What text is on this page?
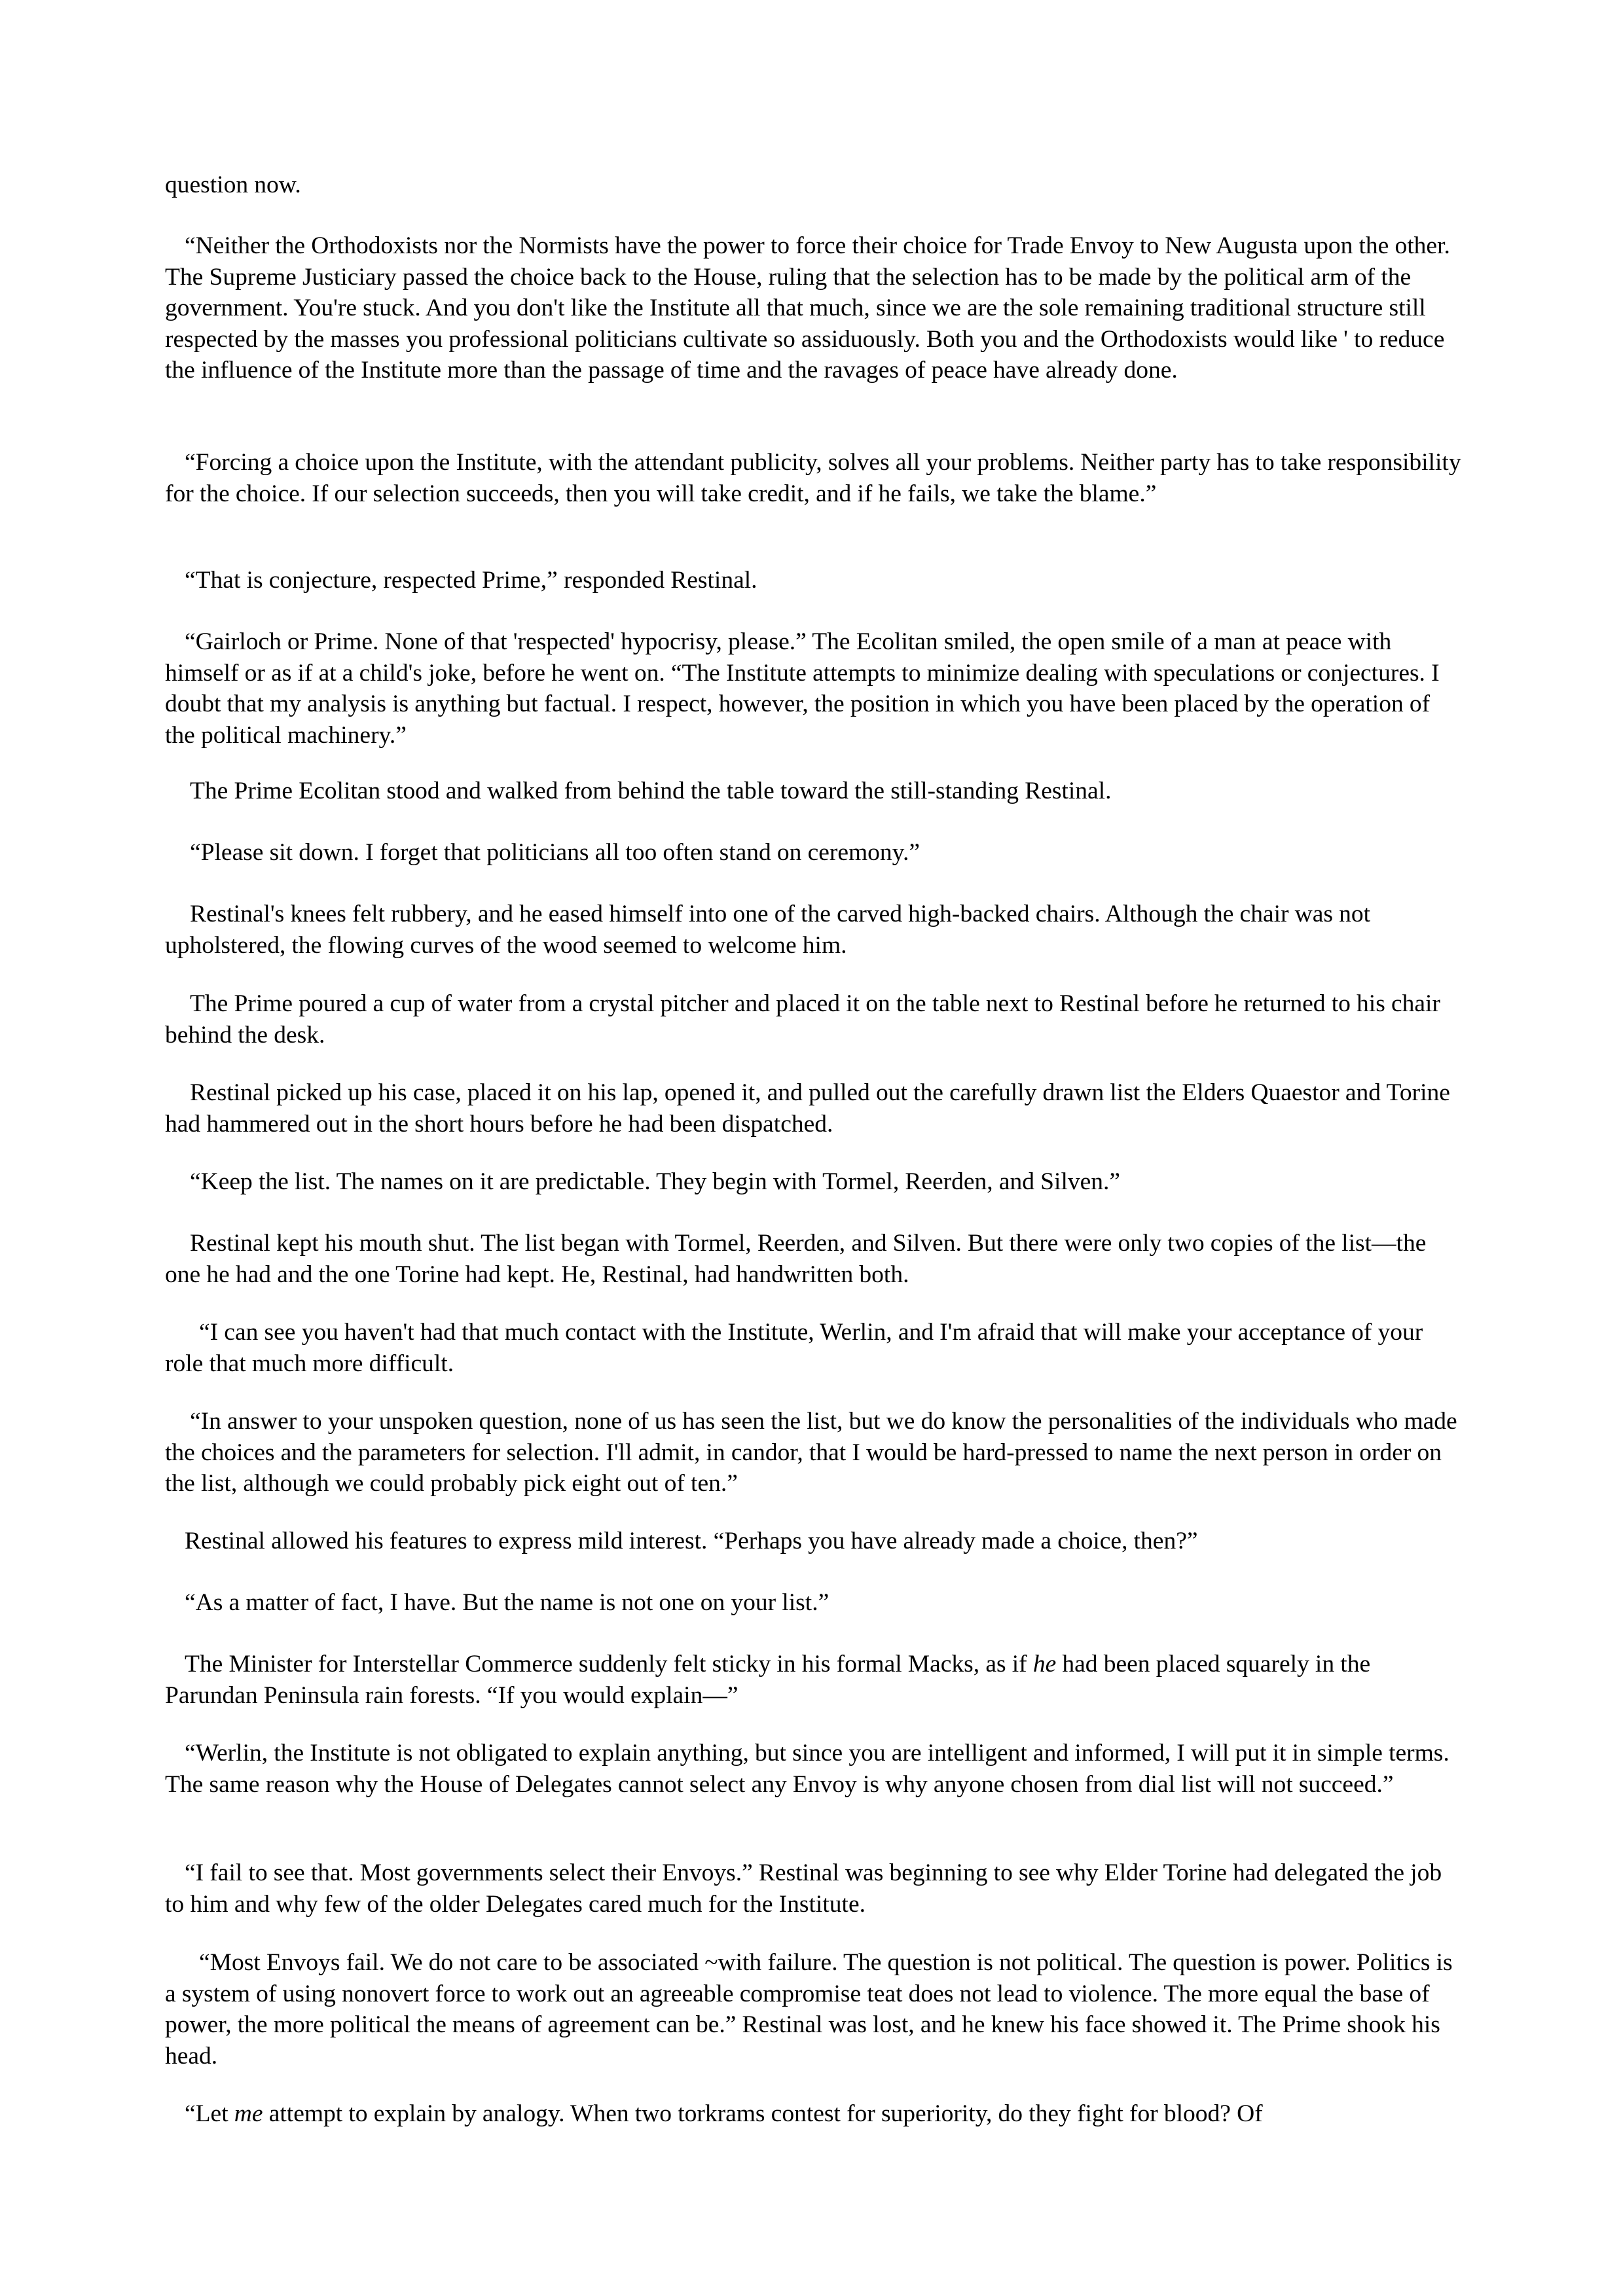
question now.

“Neither the Orthodoxists nor the Normists have the power to force their choice for Trade Envoy to New Augusta upon the other. The Supreme Justiciary passed the choice back to the House, ruling that the selection has to be made by the political arm of the government. You're stuck. And you don't like the Institute all that much, since we are the sole remaining traditional structure still respected by the masses you professional politicians cultivate so assiduously. Both you and the Orthodoxists would like ' to reduce the influence of the Institute more than the passage of time and the ravages of peace have already done.

“Forcing a choice upon the Institute, with the attendant publicity, solves all your problems. Neither party has to take responsibility for the choice. If our selection succeeds, then you will take credit, and if he fails, we take the blame.”

“That is conjecture, respected Prime,” responded Restinal.

“Gairloch or Prime. None of that 'respected' hypocrisy, please.” The Ecolitan smiled, the open smile of a man at peace with himself or as if at a child's joke, before he went on. “The Institute attempts to minimize dealing with speculations or conjectures. I doubt that my analysis is anything but factual. I respect, however, the position in which you have been placed by the operation of the political machinery.”

The Prime Ecolitan stood and walked from behind the table toward the still-standing Restinal.

“Please sit down. I forget that politicians all too often stand on ceremony.”

Restinal's knees felt rubbery, and he eased himself into one of the carved high-backed chairs. Although the chair was not upholstered, the flowing curves of the wood seemed to welcome him.

The Prime poured a cup of water from a crystal pitcher and placed it on the table next to Restinal before he returned to his chair behind the desk.

Restinal picked up his case, placed it on his lap, opened it, and pulled out the carefully drawn list the Elders Quaestor and Torine had hammered out in the short hours before he had been dispatched.

“Keep the list. The names on it are predictable. They begin with Tormel, Reerden, and Silven.”

Restinal kept his mouth shut. The list began with Tormel, Reerden, and Silven. But there were only two copies of the list—the one he had and the one Torine had kept. He, Restinal, had handwritten both.

“I can see you haven't had that much contact with the Institute, Werlin, and I'm afraid that will make your acceptance of your role that much more difficult.

“In answer to your unspoken question, none of us has seen the list, but we do know the personalities of the individuals who made the choices and the parameters for selection. I'll admit, in candor, that I would be hard-pressed to name the next person in order on the list, although we could probably pick eight out of ten.”

Restinal allowed his features to express mild interest. “Perhaps you have already made a choice, then?”

“As a matter of fact, I have. But the name is not one on your list.”

The Minister for Interstellar Commerce suddenly felt sticky in his formal Macks, as if he had been placed squarely in the Parundan Peninsula rain forests. “If you would explain—”

“Werlin, the Institute is not obligated to explain anything, but since you are intelligent and informed, I will put it in simple terms. The same reason why the House of Delegates cannot select any Envoy is why anyone chosen from dial list will not succeed.”

“I fail to see that. Most governments select their Envoys.” Restinal was beginning to see why Elder Torine had delegated the job to him and why few of the older Delegates cared much for the Institute.

“Most Envoys fail. We do not care to be associated ~with failure. The question is not political. The question is power. Politics is a system of using nonovert force to work out an agreeable compromise teat does not lead to violence. The more equal the base of power, the more political the means of agreement can be.” Restinal was lost, and he knew his face showed it. The Prime shook his head.

“Let me attempt to explain by analogy. When two torkrams contest for superiority, do they fight for blood? Of
